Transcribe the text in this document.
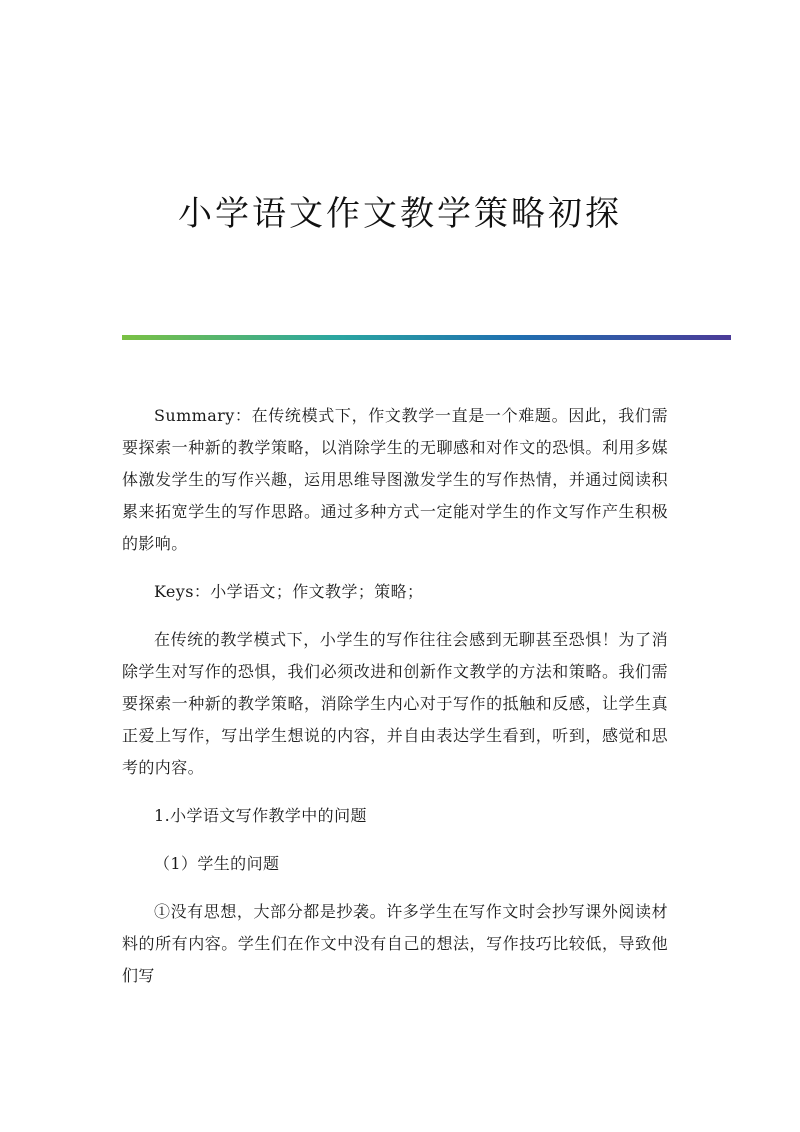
小学语文作文教学策略初探

Summary：在传统模式下，作文教学一直是一个难题。因此，我们需要探索一种新的教学策略，以消除学生的无聊感和对作文的恐惧。利用多媒体激发学生的写作兴趣，运用思维导图激发学生的写作热情，并通过阅读积累来拓宽学生的写作思路。通过多种方式一定能对学生的作文写作产生积极的影响。

Keys：小学语文；作文教学；策略；

在传统的教学模式下，小学生的写作往往会感到无聊甚至恐惧！为了消除学生对写作的恐惧，我们必须改进和创新作文教学的方法和策略。我们需要探索一种新的教学策略，消除学生内心对于写作的抵触和反感，让学生真正爱上写作，写出学生想说的内容，并自由表达学生看到，听到，感觉和思考的内容。

1.小学语文写作教学中的问题

（1）学生的问题

①没有思想，大部分都是抄袭。许多学生在写作文时会抄写课外阅读材料的所有内容。学生们在作文中没有自己的想法，写作技巧比较低，导致他们写
